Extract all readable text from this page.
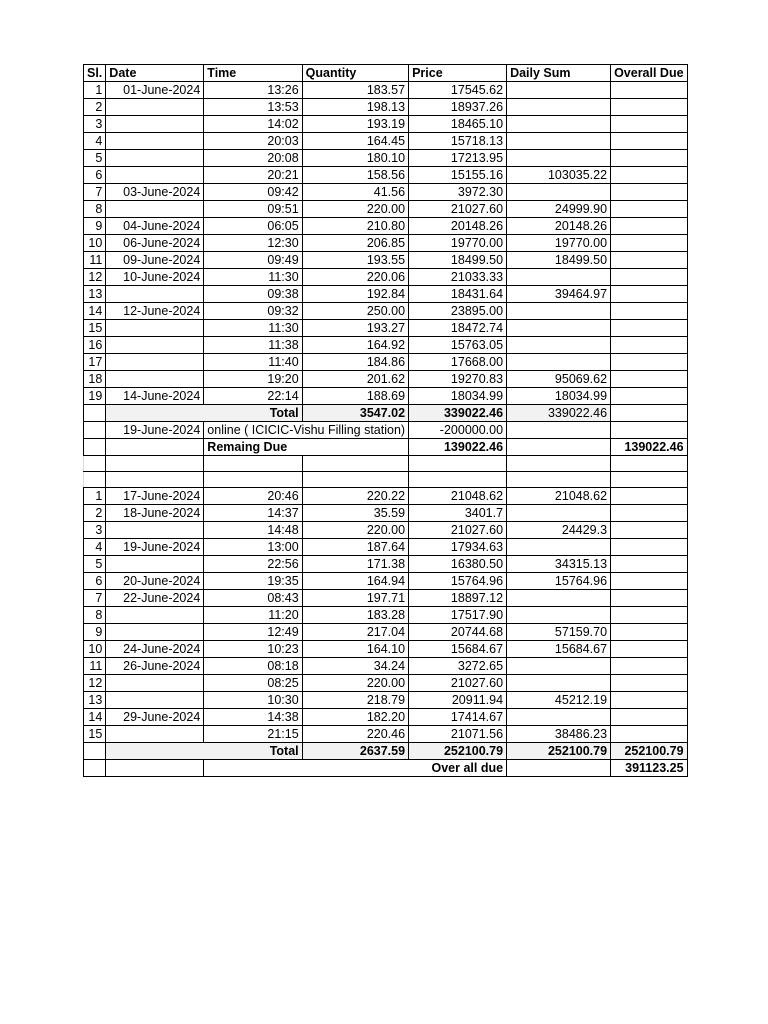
Sl.	Date	Time	Quantity	Price	Daily Sum	Overall Due
1	01-June-2024	13:26	183.57	17545.62		
2		13:53	198.13	18937.26		
3		14:02	193.19	18465.10		
4		20:03	164.45	15718.13		
5		20:08	180.10	17213.95		
6		20:21	158.56	15155.16	103035.22	
7	03-June-2024	09:42	41.56	3972.30		
8		09:51	220.00	21027.60	24999.90	
9	04-June-2024	06:05	210.80	20148.26	20148.26	
10	06-June-2024	12:30	206.85	19770.00	19770.00	
11	09-June-2024	09:49	193.55	18499.50	18499.50	
12	10-June-2024	11:30	220.06	21033.33		
13		09:38	192.84	18431.64	39464.97	
14	12-June-2024	09:32	250.00	23895.00		
15		11:30	193.27	18472.74		
16		11:38	164.92	15763.05		
17		11:40	184.86	17668.00		
18		19:20	201.62	19270.83	95069.62	
19	14-June-2024	22:14	188.69	18034.99	18034.99	
		Total	3547.02	339022.46	339022.46	
	19-June-2024	online ( ICICIC-Vishu Filling station)		-200000.00		
		Remaing Due		139022.46		139022.46

1	17-June-2024	20:46	220.22	21048.62	21048.62	
2	18-June-2024	14:37	35.59	3401.7		
3		14:48	220.00	21027.60	24429.3	
4	19-June-2024	13:00	187.64	17934.63		
5		22:56	171.38	16380.50	34315.13	
6	20-June-2024	19:35	164.94	15764.96	15764.96	
7	22-June-2024	08:43	197.71	18897.12		
8		11:20	183.28	17517.90		
9		12:49	217.04	20744.68	57159.70	
10	24-June-2024	10:23	164.10	15684.67	15684.67	
11	26-June-2024	08:18	34.24	3272.65		
12		08:25	220.00	21027.60		
13		10:30	218.79	20911.94	45212.19	
14	29-June-2024	14:38	182.20	17414.67		
15		21:15	220.46	21071.56	38486.23	
		Total	2637.59	252100.79	252100.79	252100.79
		Over all due				391123.25
